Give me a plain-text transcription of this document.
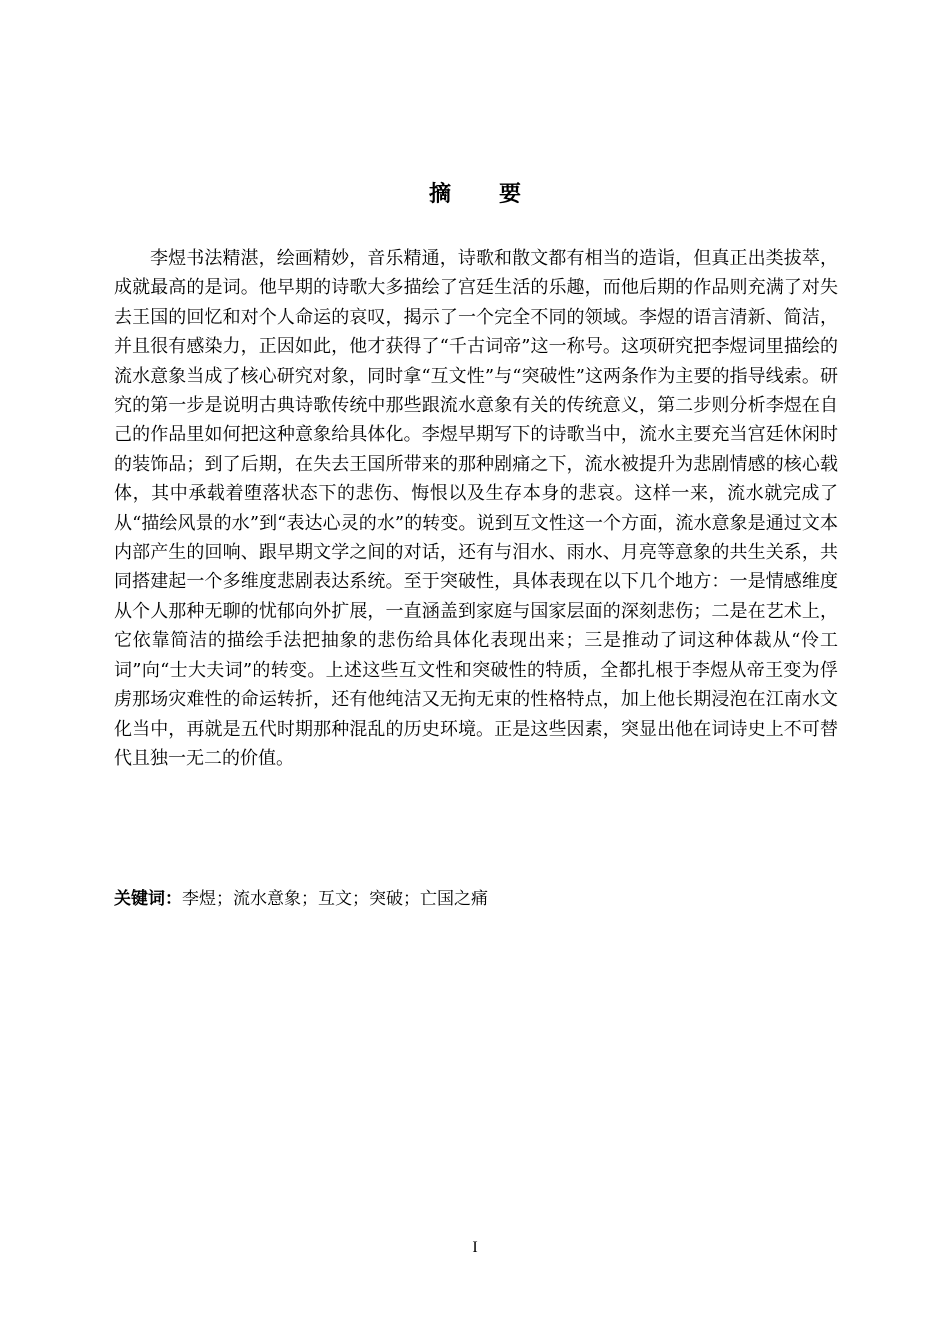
摘要

李煜书法精湛，绘画精妙，音乐精通，诗歌和散文都有相当的造诣，但真正出类拔萃，成就最高的是词。他早期的诗歌大多描绘了宫廷生活的乐趣，而他后期的作品则充满了对失去王国的回忆和对个人命运的哀叹，揭示了一个完全不同的领域。李煜的语言清新、简洁，并且很有感染力，正因如此，他才获得了“千古词帝”这一称号。这项研究把李煜词里描绘的流水意象当成了核心研究对象，同时拿“互文性”与“突破性”这两条作为主要的指导线索。研究的第一步是说明古典诗歌传统中那些跟流水意象有关的传统意义，第二步则分析李煜在自己的作品里如何把这种意象给具体化。李煜早期写下的诗歌当中，流水主要充当宫廷休闲时的装饰品；到了后期，在失去王国所带来的那种剧痛之下，流水被提升为悲剧情感的核心载体，其中承载着堕落状态下的悲伤、悔恨以及生存本身的悲哀。这样一来，流水就完成了从“描绘风景的水”到“表达心灵的水”的转变。说到互文性这一个方面，流水意象是通过文本内部产生的回响、跟早期文学之间的对话，还有与泪水、雨水、月亮等意象的共生关系，共同搭建起一个多维度悲剧表达系统。至于突破性，具体表现在以下几个地方：一是情感维度从个人那种无聊的忧郁向外扩展，一直涵盖到家庭与国家层面的深刻悲伤；二是在艺术上，它依靠简洁的描绘手法把抽象的悲伤给具体化表现出来；三是推动了词这种体裁从“伶工词”向“士大夫词”的转变。上述这些互文性和突破性的特质，全都扎根于李煜从帝王变为俘虏那场灾难性的命运转折，还有他纯洁又无拘无束的性格特点，加上他长期浸泡在江南水文化当中，再就是五代时期那种混乱的历史环境。正是这些因素，突显出他在词诗史上不可替代且独一无二的价值。

关键词：李煜；流水意象；互文；突破；亡国之痛
I
